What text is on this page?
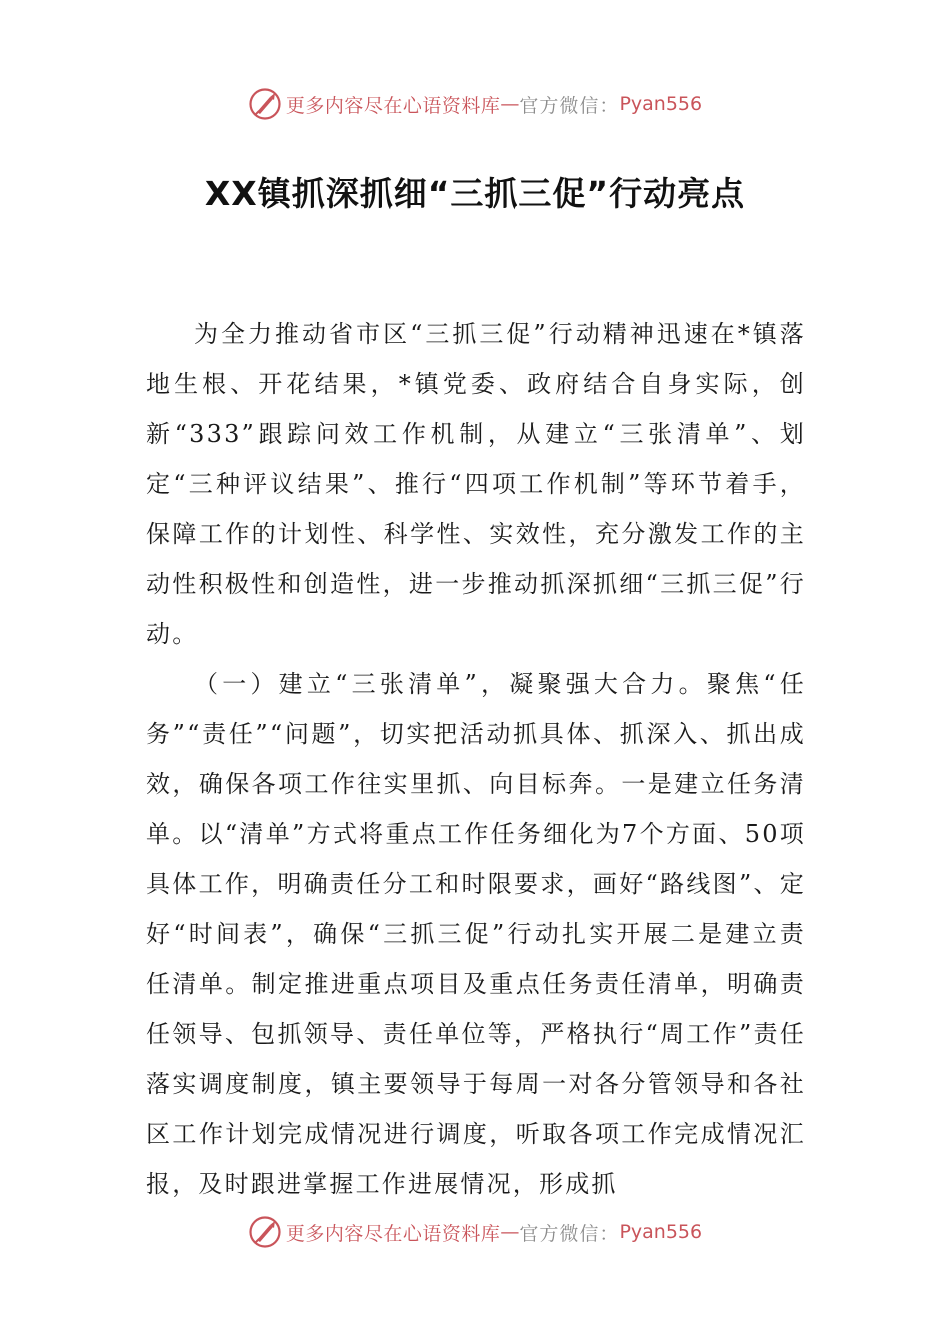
更多内容尽在心语资料库 — 官方微信： Pyan556
XX镇抓深抓细“三抓三促”行动亮点

为全力推动省市区“三抓三促”行动精神迅速在*镇落地生根、开花结果，*镇党委、政府结合自身实际，创新“333”跟踪问效工作机制，从建立“三张清单”、划定“三种评议结果”、推行“四项工作机制”等环节着手，保障工作的计划性、科学性、实效性，充分激发工作的主动性积极性和创造性，进一步推动抓深抓细“三抓三促”行动。

（一）建立“三张清单”，凝聚强大合力。聚焦“任务”“责任”“问题”，切实把活动抓具体、抓深入、抓出成效，确保各项工作往实里抓、向目标奔。一是建立任务清单。以“清单”方式将重点工作任务细化为7个方面、50项具体工作，明确责任分工和时限要求，画好“路线图”、定好“时间表”，确保“三抓三促”行动扎实开展二是建立责任清单。制定推进重点项目及重点任务责任清单，明确责任领导、包抓领导、责任单位等，严格执行“周工作”责任落实调度制度，镇主要领导于每周一对各分管领导和各社区工作计划完成情况进行调度，听取各项工作完成情况汇报，及时跟进掌握工作进展情况，形成抓

更多内容尽在心语资料库 — 官方微信： Pyan556
